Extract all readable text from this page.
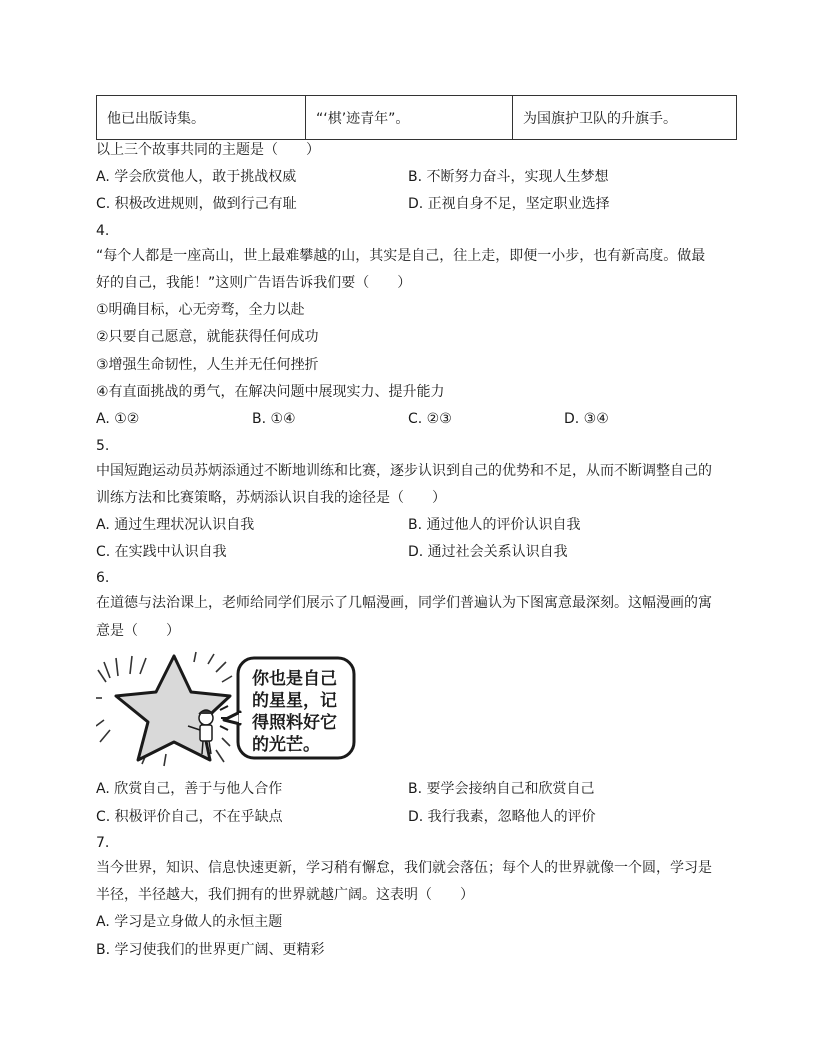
他已出版诗集。	“‘棋’迹青年”。	为国旗护卫队的升旗手。
以上三个故事共同的主题是（　　）
A. 学会欣赏他人，敢于挑战权威	B. 不断努力奋斗，实现人生梦想
C. 积极改进规则，做到行己有耻	D. 正视自身不足，坚定职业选择
4.
“每个人都是一座高山，世上最难攀越的山，其实是自己，往上走，即便一小步，也有新高度。做最
好的自己，我能！”这则广告语告诉我们要（　　）
①明确目标，心无旁骛，全力以赴
②只要自己愿意，就能获得任何成功
③增强生命韧性，人生并无任何挫折
④有直面挑战的勇气，在解决问题中展现实力、提升能力
A. ①②	B. ①④	C. ②③	D. ③④
5.
中国短跑运动员苏炳添通过不断地训练和比赛，逐步认识到自己的优势和不足，从而不断调整自己的
训练方法和比赛策略，苏炳添认识自我的途径是（　　）
A. 通过生理状况认识自我	B. 通过他人的评价认识自我
C. 在实践中认识自我	D. 通过社会关系认识自我
6.
在道德与法治课上，老师给同学们展示了几幅漫画，同学们普遍认为下图寓意最深刻。这幅漫画的寓
意是（　　）
你也是自己
的星星，记
得照料好它
的光芒。
A. 欣赏自己，善于与他人合作	B. 要学会接纳自己和欣赏自己
C. 积极评价自己，不在乎缺点	D. 我行我素，忽略他人的评价
7.
当今世界，知识、信息快速更新，学习稍有懈怠，我们就会落伍；每个人的世界就像一个圆，学习是
半径，半径越大，我们拥有的世界就越广阔。这表明（　　）
A. 学习是立身做人的永恒主题
B. 学习使我们的世界更广阔、更精彩
